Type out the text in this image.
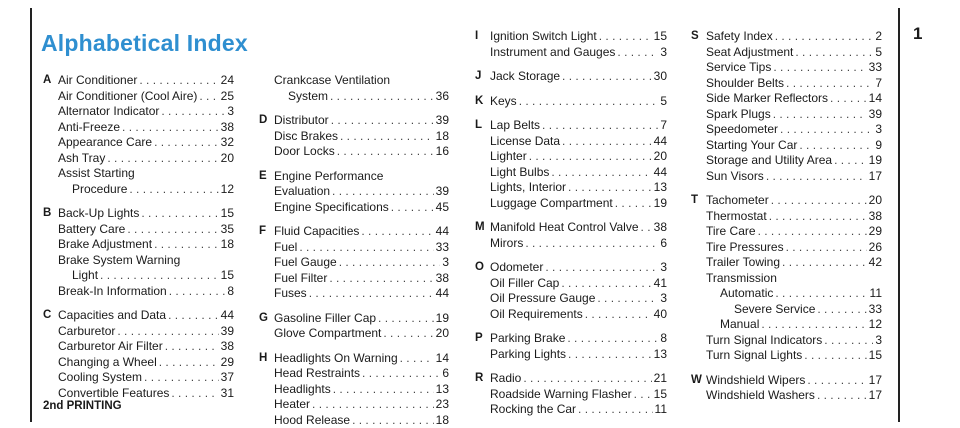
Alphabetical Index	1
A Air Conditioner . . .	24
Air Conditioner (Cool Aire) . . . 25
Alternator Indicator . . .	3
Anti-Freeze . . .	38
Appearance Care . . .	32
Ash Tray . . .	20
Assist Starting
Procedure . . .	12
B Back-Up Lights . . .	15
Battery Care . . .	35
Brake Adjustment . . .	18
Brake System Warning
Light . . .	15
Break-In Information . . .	8
C Capacities and Data . . .	44
Carburetor . . .	39
Carburetor Air Filter . . .	38
Changing a Wheel . . .	29
Cooling System . . .	37
Convertible Features . . .	31
Crankcase Ventilation
System . . .	36
D Distributor . . .	39
Disc Brakes . . .	18
Door Locks . . .	16
E Engine Performance
Evaluation . . .	39
Engine Specifications . . .	45
F Fluid Capacities . . .	44
Fuel . . .	33
Fuel Gauge . . .	3
Fuel Filter . . .	38
Fuses . . .	44
G Gasoline Filler Cap . . .	19
Glove Compartment . . .	20
H Headlights On Warning . . .	14
Head Restraints . . .	6
Headlights . . .	13
Heater . . .	23
Hood Release . . .	18
I Ignition Switch Light . . .	15
Instrument and Gauges . . .	3
J Jack Storage . . .	30
K Keys . . .	5
L Lap Belts . . .	7
License Data . . .	44
Lighter . . .	20
Light Bulbs . . .	44
Lights, Interior . . .	13
Luggage Compartment . . .	19
M Manifold Heat Control Valve . . . 38
Mirors . . .	6
O Odometer . . .	3
Oil Filler Cap . . .	41
Oil Pressure Gauge . . .	3
Oil Requirements . . .	40
P Parking Brake . . .	8
Parking Lights . . .	13
R Radio . . .	21
Roadside Warning Flasher . . . 15
Rocking the Car . . .	11
S Safety Index . . .	2
Seat Adjustment . . .	5
Service Tips . . .	33
Shoulder Belts . . .	7
Side Marker Reflectors . . .	14
Spark Plugs . . .	39
Speedometer . . .	3
Starting Your Car . . .	9
Storage and Utility Area . . .	19
Sun Visors . . .	17
T Tachometer . . .	20
Thermostat . . .	38
Tire Care . . .	29
Tire Pressures . . .	26
Trailer Towing . . .	42
Transmission
Automatic . . .	11
Severe Service . . .	33
Manual . . .	12
Turn Signal Indicators . . .	3
Turn Signal Lights . . .	15
W Windshield Wipers . . .	17
Windshield Washers . . .	17
2nd PRINTING
